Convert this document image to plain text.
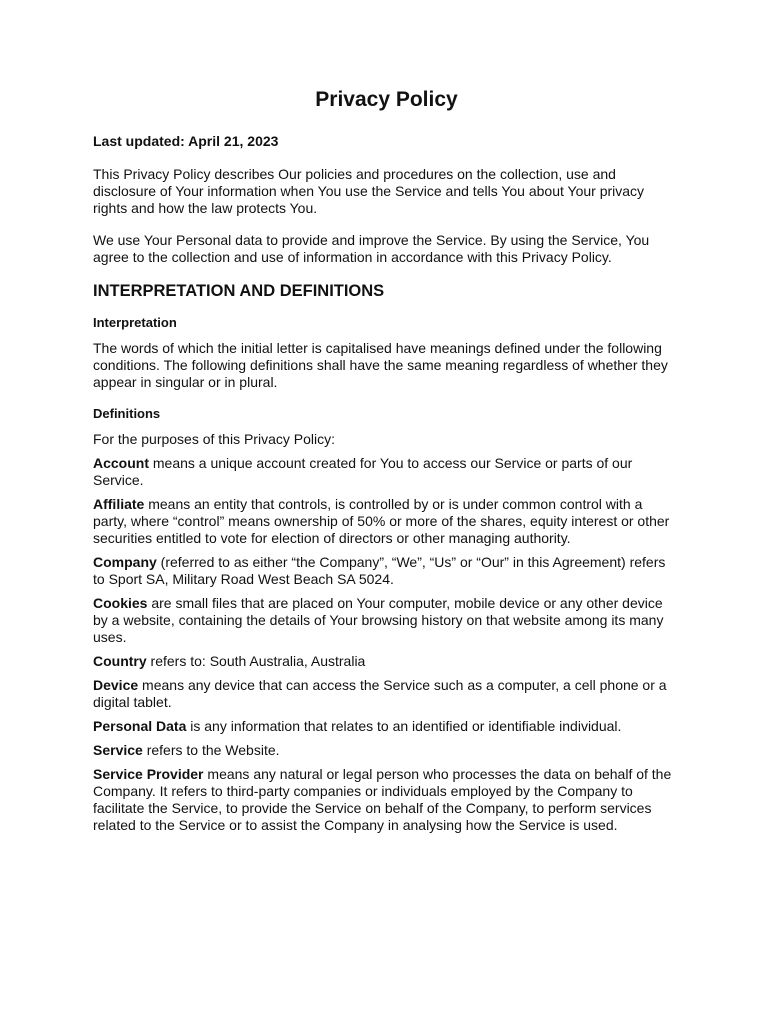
Privacy Policy
Last updated: April 21, 2023

This Privacy Policy describes Our policies and procedures on the collection, use and disclosure of Your information when You use the Service and tells You about Your privacy rights and how the law protects You.

We use Your Personal data to provide and improve the Service. By using the Service, You agree to the collection and use of information in accordance with this Privacy Policy.

INTERPRETATION AND DEFINITIONS
Interpretation

The words of which the initial letter is capitalised have meanings defined under the following conditions. The following definitions shall have the same meaning regardless of whether they appear in singular or in plural.

Definitions

For the purposes of this Privacy Policy:

Account means a unique account created for You to access our Service or parts of our Service.
Affiliate means an entity that controls, is controlled by or is under common control with a party, where “control” means ownership of 50% or more of the shares, equity interest or other securities entitled to vote for election of directors or other managing authority.
Company (referred to as either “the Company”, “We”, “Us” or “Our” in this Agreement) refers to Sport SA, Military Road West Beach SA 5024.
Cookies are small files that are placed on Your computer, mobile device or any other device by a website, containing the details of Your browsing history on that website among its many uses.
Country refers to: South Australia, Australia
Device means any device that can access the Service such as a computer, a cell phone or a digital tablet.
Personal Data is any information that relates to an identified or identifiable individual.
Service refers to the Website.
Service Provider means any natural or legal person who processes the data on behalf of the Company. It refers to third-party companies or individuals employed by the Company to facilitate the Service, to provide the Service on behalf of the Company, to perform services related to the Service or to assist the Company in analysing how the Service is used.
